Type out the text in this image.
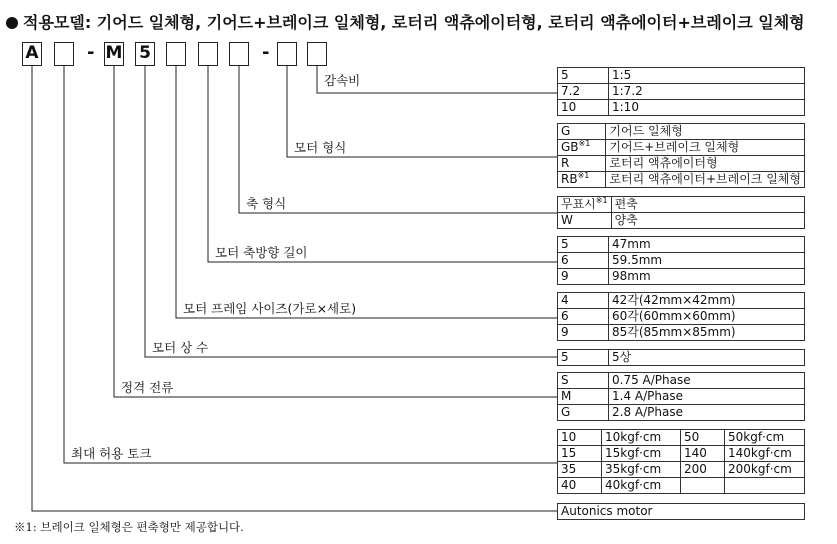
적용모델: 기어드 일체형, 기어드+브레이크 일체형, 로터리 액츄에이터형, 로터리 액츄에이터+브레이크 일체형
A	- M 5	-
감속비
모터 형식
축 형식
모터 축방향 길이
모터 프레임 사이즈(가로×세로)
모터 상 수
정격 전류
최대 허용 토크
5	1:5
7.2	1:7.2
10	1:10
G	기어드 일체형
GB$^{※1}$	기어드+브레이크 일체형
R	로터리 액츄에이터형
RB$^{※1}$	로터리 액츄에이터+브레이크 일체형
무표시$^{※1}$	편축
W	양축
5	47mm
6	59.5mm
9	98mm
4	42각(42mm×42mm)
6	60각(60mm×60mm)
9	85각(85mm×85mm)
5	5상
S	0.75 A/Phase
M	1.4 A/Phase
G	2.8 A/Phase
10	10kgf·cm	50	50kgf·cm
15	15kgf·cm	140	140kgf·cm
35	35kgf·cm	200	200kgf·cm
40	40kgf·cm		
Autonics motor
※1: 브레이크 일체형은 편축형만 제공합니다.
